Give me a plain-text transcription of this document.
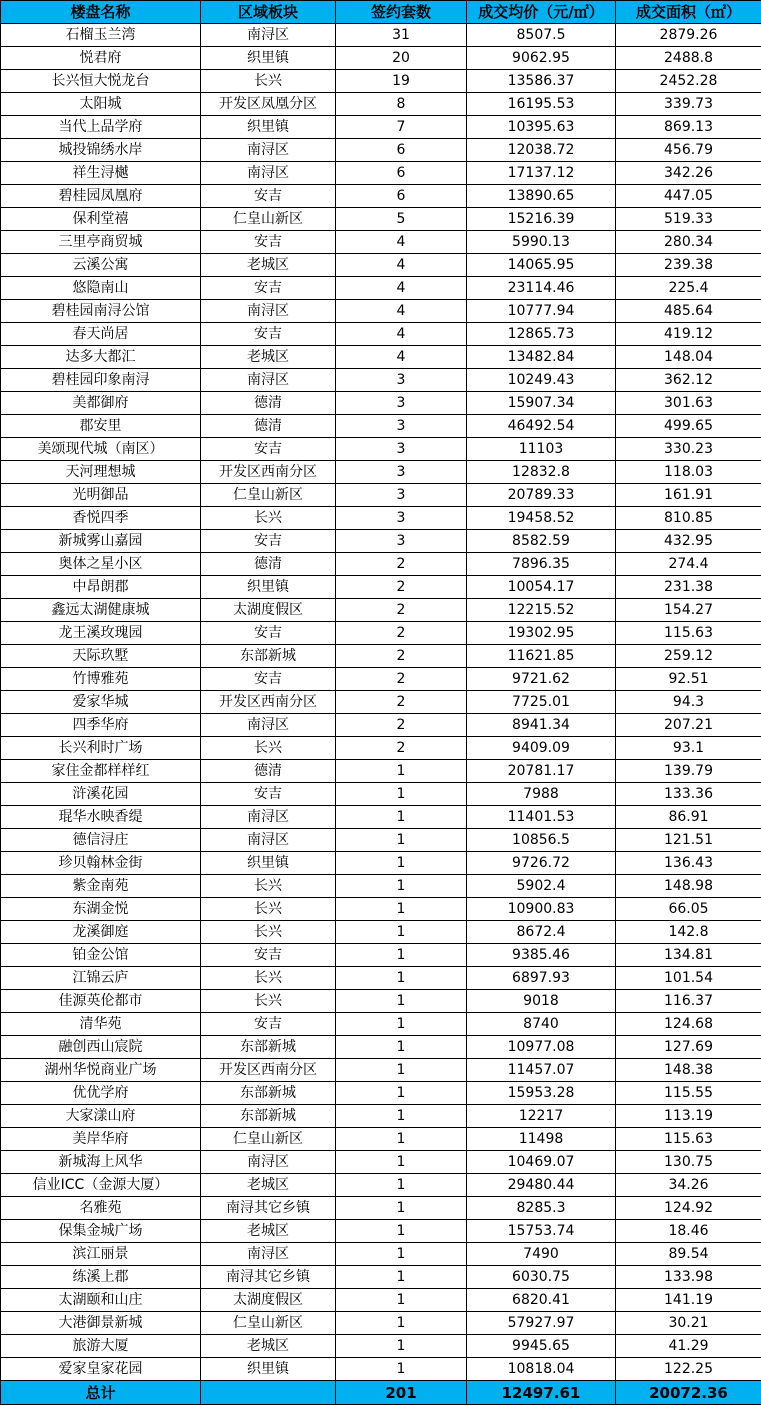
楼盘名称	区域板块	签约套数	成交均价（元/㎡）	成交面积（㎡）
石榴玉兰湾	南浔区	31	8507.5	2879.26
悦君府	织里镇	20	9062.95	2488.8
长兴恒大悦龙台	长兴	19	13586.37	2452.28
太阳城	开发区凤凰分区	8	16195.53	339.73
当代上品学府	织里镇	7	10395.63	869.13
城投锦绣水岸	南浔区	6	12038.72	456.79
祥生浔樾	南浔区	6	17137.12	342.26
碧桂园凤凰府	安吉	6	13890.65	447.05
保利堂禧	仁皇山新区	5	15216.39	519.33
三里亭商贸城	安吉	4	5990.13	280.34
云溪公寓	老城区	4	14065.95	239.38
悠隐南山	安吉	4	23114.46	225.4
碧桂园南浔公馆	南浔区	4	10777.94	485.64
春天尚居	安吉	4	12865.73	419.12
达多大都汇	老城区	4	13482.84	148.04
碧桂园印象南浔	南浔区	3	10249.43	362.12
美都御府	德清	3	15907.34	301.63
郡安里	德清	3	46492.54	499.65
美颂现代城（南区）	安吉	3	11103	330.23
天河理想城	开发区西南分区	3	12832.8	118.03
光明御品	仁皇山新区	3	20789.33	161.91
香悦四季	长兴	3	19458.52	810.85
新城雾山嘉园	安吉	3	8582.59	432.95
奥体之星小区	德清	2	7896.35	274.4
中昂朗郡	织里镇	2	10054.17	231.38
鑫远太湖健康城	太湖度假区	2	12215.52	154.27
龙王溪玫瑰园	安吉	2	19302.95	115.63
天际玖墅	东部新城	2	11621.85	259.12
竹博雅苑	安吉	2	9721.62	92.51
爱家华城	开发区西南分区	2	7725.01	94.3
四季华府	南浔区	2	8941.34	207.21
长兴利时广场	长兴	2	9409.09	93.1
家住金都样样红	德清	1	20781.17	139.79
浒溪花园	安吉	1	7988	133.36
琨华水映香缇	南浔区	1	11401.53	86.91
德信浔庄	南浔区	1	10856.5	121.51
珍贝翰林金街	织里镇	1	9726.72	136.43
紫金南苑	长兴	1	5902.4	148.98
东湖金悦	长兴	1	10900.83	66.05
龙溪御庭	长兴	1	8672.4	142.8
铂金公馆	安吉	1	9385.46	134.81
江锦云庐	长兴	1	6897.93	101.54
佳源英伦都市	长兴	1	9018	116.37
清华苑	安吉	1	8740	124.68
融创西山宸院	东部新城	1	10977.08	127.69
湖州华悦商业广场	开发区西南分区	1	11457.07	148.38
优优学府	东部新城	1	15953.28	115.55
大家漾山府	东部新城	1	12217	113.19
美岸华府	仁皇山新区	1	11498	115.63
新城海上风华	南浔区	1	10469.07	130.75
信业ICC（金源大厦）	老城区	1	29480.44	34.26
名雅苑	南浔其它乡镇	1	8285.3	124.92
保集金城广场	老城区	1	15753.74	18.46
滨江丽景	南浔区	1	7490	89.54
练溪上郡	南浔其它乡镇	1	6030.75	133.98
太湖颐和山庄	太湖度假区	1	6820.41	141.19
大港御景新城	仁皇山新区	1	57927.97	30.21
旅游大厦	老城区	1	9945.65	41.29
爱家皇家花园	织里镇	1	10818.04	122.25
总计		201	12497.61	20072.36
